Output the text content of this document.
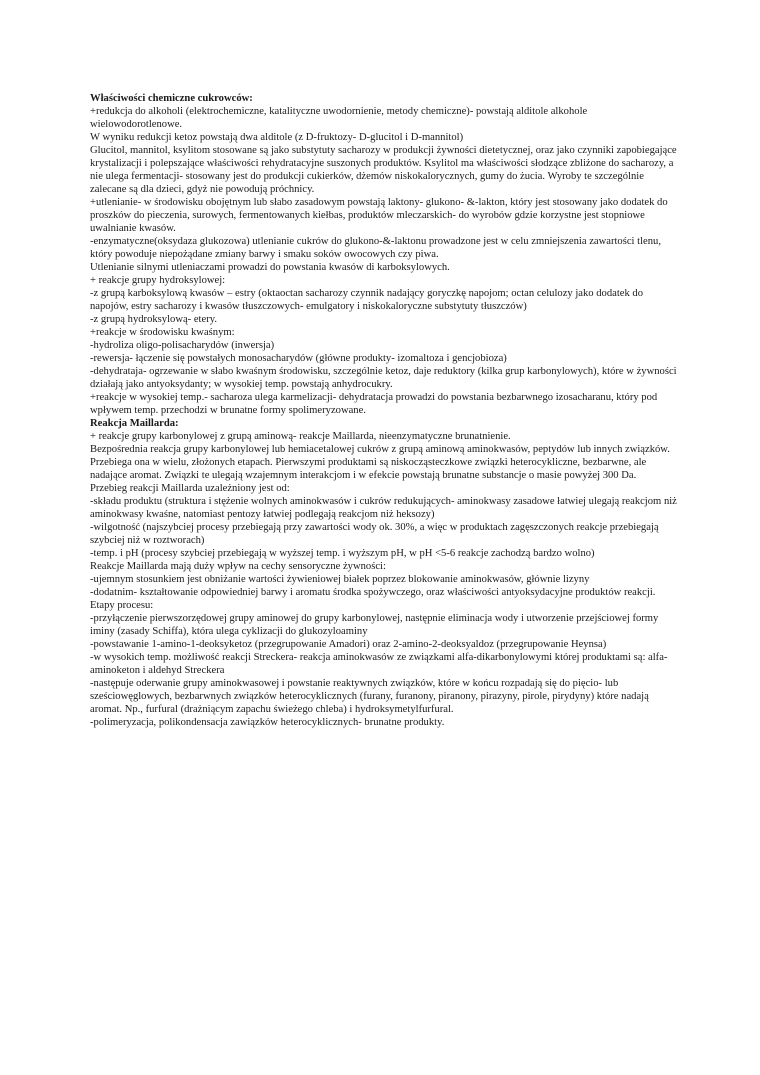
Właściwości chemiczne cukrowców:

+redukcja do alkoholi (elektrochemiczne, katalityczne uwodornienie, metody chemiczne)- powstają alditole alkohole wielowodorotlenowe.

W wyniku redukcji ketoz powstają dwa alditole (z D-fruktozy- D-glucitol i D-mannitol)

Glucitol, mannitol, ksylitom stosowane są jako substytuty sacharozy w produkcji żywności dietetycznej, oraz jako czynniki zapobiegające krystalizacji i polepszające właściwości rehydratacyjne suszonych produktów. Ksylitol ma właściwości słodzące zbliżone do sacharozy, a nie ulega fermentacji- stosowany jest do produkcji cukierków, dżemów niskokalorycznych, gumy do żucia. Wyroby te szczególnie zalecane są dla dzieci, gdyż nie powodują próchnicy.

+utlenianie- w środowisku obojętnym lub słabo zasadowym powstają laktony- glukono- &-lakton, który jest stosowany jako dodatek do proszków do pieczenia, surowych, fermentowanych kiełbas, produktów mleczarskich- do wyrobów gdzie korzystne jest stopniowe uwalnianie kwasów.

-enzymatyczne(oksydaza glukozowa) utlenianie cukrów do glukono-&-laktonu prowadzone jest w celu zmniejszenia zawartości tlenu, który powoduje niepożądane zmiany barwy i smaku soków owocowych czy piwa.

Utlenianie silnymi utleniaczami prowadzi do powstania kwasów di karboksylowych.

+ reakcje grupy hydroksylowej:

-z grupą karboksylową kwasów – estry (oktaoctan sacharozy czynnik nadający goryczkę napojom; octan celulozy jako dodatek do napojów, estry sacharozy i kwasów tłuszczowych- emulgatory i niskokaloryczne substytuty tłuszczów)

-z grupą hydroksylową- etery.

+reakcje w środowisku kwaśnym:

-hydroliza oligo-polisacharydów (inwersja)

-rewersja- łączenie się powstałych monosacharydów (główne produkty- izomaltoza i gencjobioza)

-dehydrataja- ogrzewanie w słabo kwaśnym środowisku, szczególnie ketoz, daje reduktory (kilka grup karbonylowych), które w żywności działają jako antyoksydanty; w wysokiej temp. powstają anhydrocukry.

+reakcje w wysokiej temp.- sacharoza ulega karmelizacji- dehydratacja prowadzi do powstania bezbarwnego izosacharanu, który pod wpływem temp. przechodzi w brunatne formy spolimeryzowane.

Reakcja Maillarda:

+ reakcje grupy karbonylowej z grupą aminową- reakcje Maillarda, nieenzymatyczne brunatnienie.

Bezpośrednia reakcja grupy karbonylowej lub hemiacetalowej cukrów z grupą aminową aminokwasów, peptydów lub innych związków. Przebiega ona w wielu, złożonych etapach. Pierwszymi produktami są niskocząsteczkowe związki heterocykliczne, bezbarwne, ale nadające aromat. Związki te ulegają wzajemnym interakcjom i w efekcie powstają brunatne substancje o masie powyżej 300 Da.

Przebieg reakcji Maillarda uzależniony jest od:

-składu produktu (struktura i stężenie wolnych aminokwasów i cukrów redukujących- aminokwasy zasadowe łatwiej ulegają reakcjom niż aminokwasy kwaśne, natomiast pentozy łatwiej podlegają reakcjom niż heksozy)

-wilgotność (najszybciej procesy przebiegają przy zawartości wody ok. 30%, a więc w produktach zagęszczonych reakcje przebiegają szybciej niż w roztworach)

-temp. i pH (procesy szybciej przebiegają w wyższej temp. i wyższym pH, w pH <5-6 reakcje zachodzą bardzo wolno)

Reakcje Maillarda mają duży wpływ na cechy sensoryczne żywności:

-ujemnym stosunkiem jest obniżanie wartości żywieniowej białek poprzez blokowanie aminokwasów, głównie lizyny

-dodatnim- kształtowanie odpowiedniej barwy i aromatu środka spożywczego, oraz właściwości antyoksydacyjne produktów reakcji.

Etapy procesu:

-przyłączenie pierwszorzędowej grupy aminowej do grupy karbonylowej, następnie eliminacja wody i utworzenie przejściowej formy iminy (zasady Schiffa), która ulega cyklizacji do glukozyloaminy

-powstawanie 1-amino-1-deoksyketoz (przegrupowanie Amadori) oraz 2-amino-2-deoksyaldoz (przegrupowanie Heynsa)

-w wysokich temp. możliwość reakcji Streckera- reakcja aminokwasów ze związkami alfa-dikarbonylowymi której produktami są: alfa-aminoketon i aldehyd Streckera

-następuje oderwanie grupy aminokwasowej i powstanie reaktywnych związków, które w końcu rozpadają się do pięcio- lub sześciowęglowych, bezbarwnych związków heterocyklicznych (furany, furanony, piranony, pirazyny, pirole, pirydyny) które nadają aromat. Np., furfural (drażniącym zapachu świeżego chleba) i hydroksymetylfurfural.

-polimeryzacja, polikondensacja zawiązków heterocyklicznych- brunatne produkty.
